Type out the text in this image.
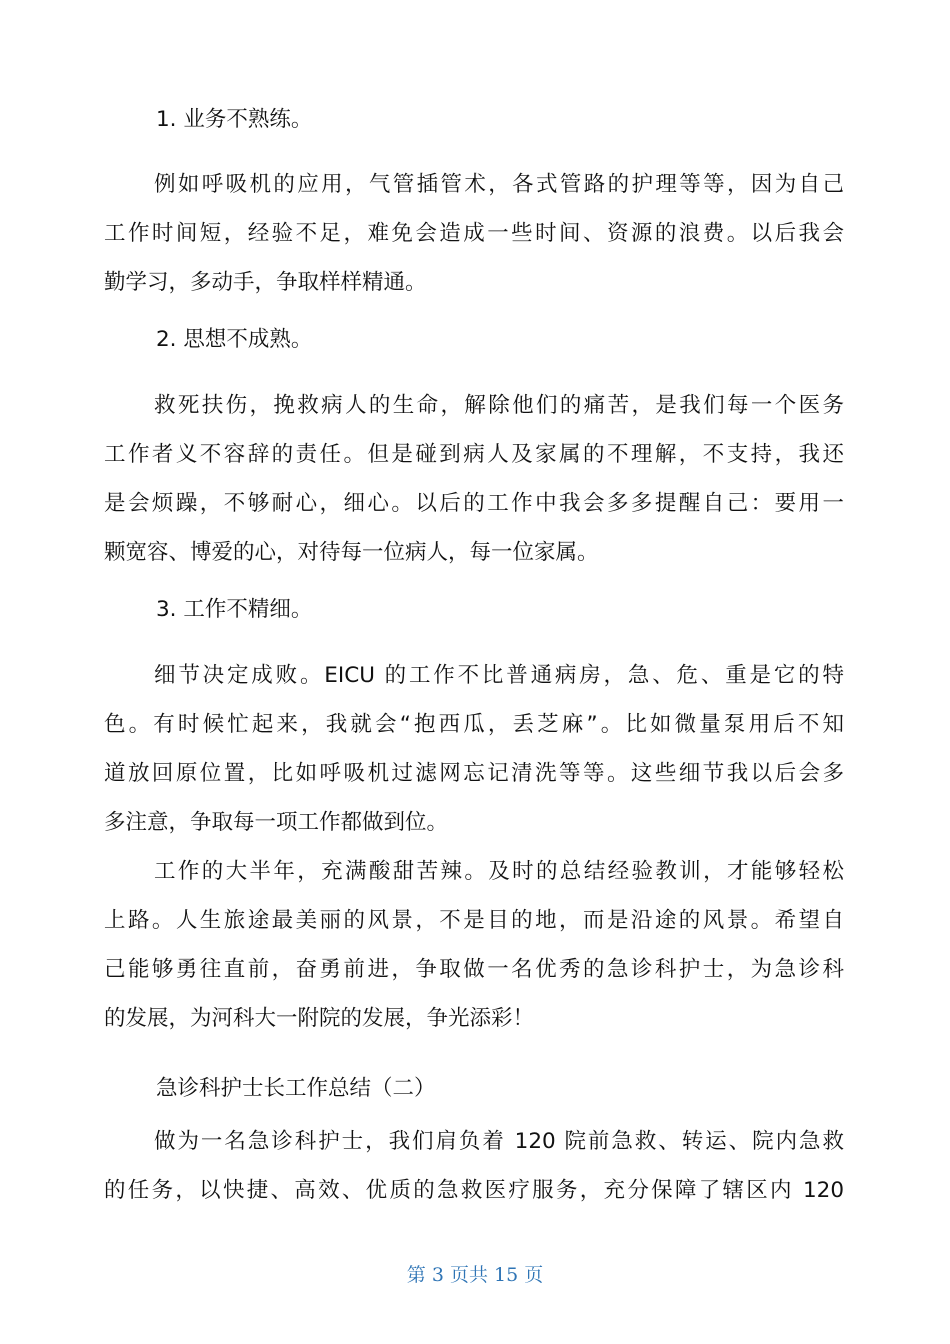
1. 业务不熟练。
例如呼吸机的应用，气管插管术，各式管路的护理等等，因为自己
工作时间短，经验不足，难免会造成一些时间、资源的浪费。以后我会
勤学习，多动手，争取样样精通。
2. 思想不成熟。
救死扶伤，挽救病人的生命，解除他们的痛苦，是我们每一个医务
工作者义不容辞的责任。但是碰到病人及家属的不理解，不支持，我还
是会烦躁，不够耐心，细心。以后的工作中我会多多提醒自己：要用一
颗宽容、博爱的心，对待每一位病人，每一位家属。
3. 工作不精细。
细节决定成败。EICU 的工作不比普通病房，急、危、重是它的特
色。有时候忙起来，我就会“抱西瓜，丢芝麻”。比如微量泵用后不知
道放回原位置，比如呼吸机过滤网忘记清洗等等。这些细节我以后会多
多注意，争取每一项工作都做到位。
工作的大半年，充满酸甜苦辣。及时的总结经验教训，才能够轻松
上路。人生旅途最美丽的风景，不是目的地，而是沿途的风景。希望自
己能够勇往直前，奋勇前进，争取做一名优秀的急诊科护士，为急诊科
的发展，为河科大一附院的发展，争光添彩！
急诊科护士长工作总结（二）
做为一名急诊科护士，我们肩负着 120 院前急救、转运、院内急救
的任务，以快捷、高效、优质的急救医疗服务，充分保障了辖区内 120
第 3 页共 15 页
